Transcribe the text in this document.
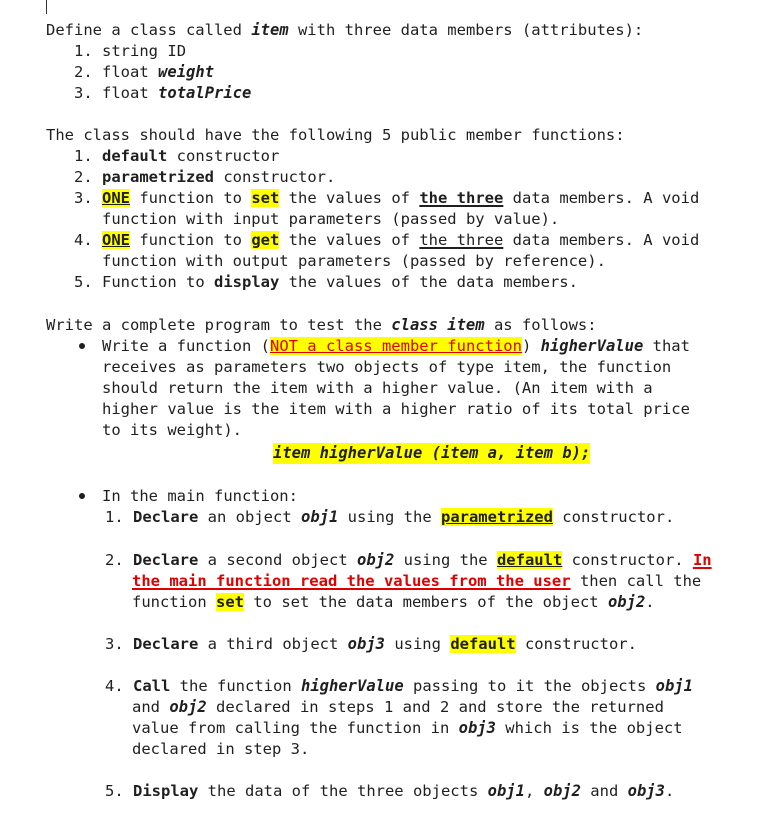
Define a class called item with three data members (attributes):
1. string ID
2. float weight
3. float totalPrice
The class should have the following 5 public member functions:
1. default constructor
2. parametrized constructor.
3. ONE function to set the values of the three data members. A void
function with input parameters (passed by value).
4. ONE function to get the values of the three data members. A void
function with output parameters (passed by reference).
5. Function to display the values of the data members.
Write a complete program to test the class item as follows:
Write a function (NOT a class member function) higherValue that
receives as parameters two objects of type item, the function
should return the item with a higher value. (An item with a
higher value is the item with a higher ratio of its total price
to its weight).
item higherValue (item a, item b);
In the main function:
1. Declare an object obj1 using the parametrized constructor.
2. Declare a second object obj2 using the default constructor. In
the main function read the values from the user then call the
function set to set the data members of the object obj2.
3. Declare a third object obj3 using default constructor.
4. Call the function higherValue passing to it the objects obj1
and obj2 declared in steps 1 and 2 and store the returned
value from calling the function in obj3 which is the object
declared in step 3.
5. Display the data of the three objects obj1, obj2 and obj3.
